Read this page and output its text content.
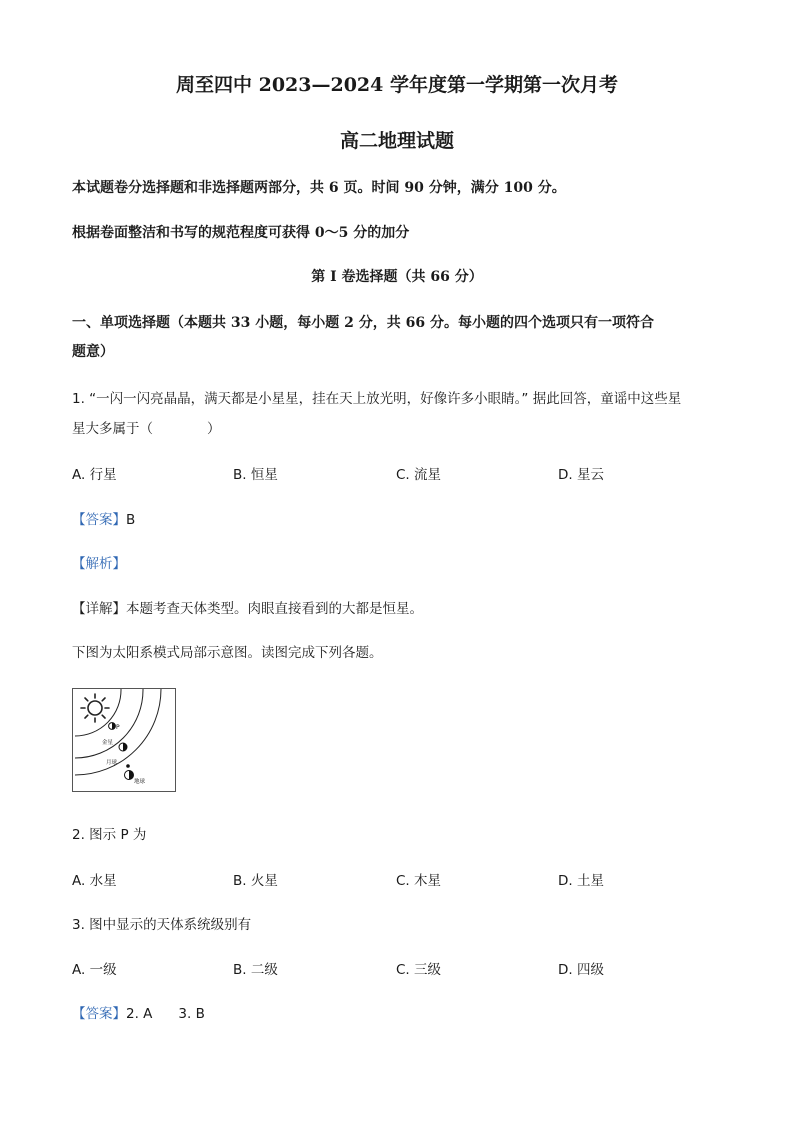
周至四中 2023—2024 学年度第一学期第一次月考
高二地理试题
本试题卷分选择题和非选择题两部分，共 6 页。时间 90 分钟，满分 100 分。
根据卷面整洁和书写的规范程度可获得 0～5 分的加分
第 I 卷选择题（共 66 分）
一、单项选择题（本题共 33 小题，每小题 2 分，共 66 分。每小题的四个选项只有一项符合
题意）
1. “一闪一闪亮晶晶，满天都是小星星，挂在天上放光明，好像许多小眼睛。” 据此回答，童谣中这些星
星大多属于（　　　　）
A. 行星	B. 恒星	C. 流星	D. 星云
【答案】B
【解析】
【详解】本题考查天体类型。肉眼直接看到的大都是恒星。
下图为太阳系模式局部示意图。读图完成下列各题。
P
金星
月球
地球
2. 图示 P 为
A. 水星	B. 火星	C. 木星	D. 土星
3. 图中显示的天体系统级别有
A. 一级	B. 二级	C. 三级	D. 四级
【答案】2. A 3. B
